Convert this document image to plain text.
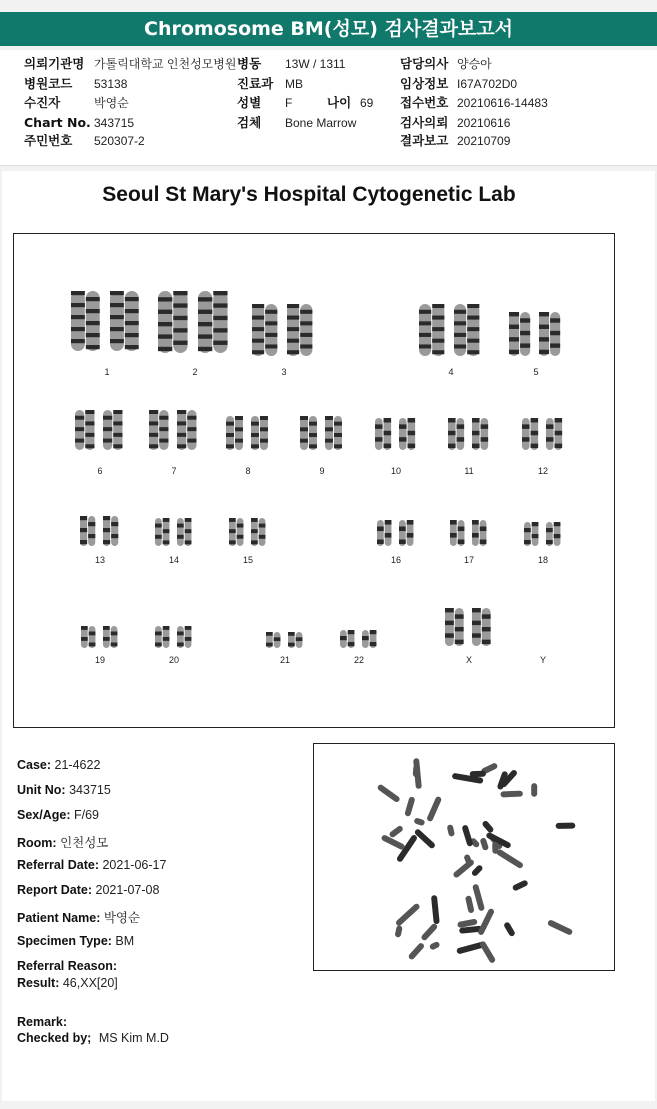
Chromosome BM(성모) 검사결과보고서
의뢰기관명 가톨릭대학교 인천성모병원 병동 13W / 1311	담당의사 양승아
병원코드 53138	진료과 MB	임상정보 I67A702D0
수진자	박영순	성별 F	나이 69 접수번호 20210616-14483
Chart No. 343715	검체 Bone Marrow	검사의뢰 20210616
주민번호 520307-2	결과보고 20210709
Seoul St Mary's Hospital Cytogenetic Lab
1	2	3	4	5
6	7	8	9	10	11	12
13	14	15	16	17	18
19	20	21	22	X	Y
Case: 21-4622
Unit No: 343715
Sex/Age: F/69
Room: 인천성모
Referral Date: 2021-06-17
Report Date: 2021-07-08
Patient Name: 박영순
Specimen Type: BM
Referral Reason:
Result: 46,XX[20]
Remark:
Checked by; MS Kim M.D
